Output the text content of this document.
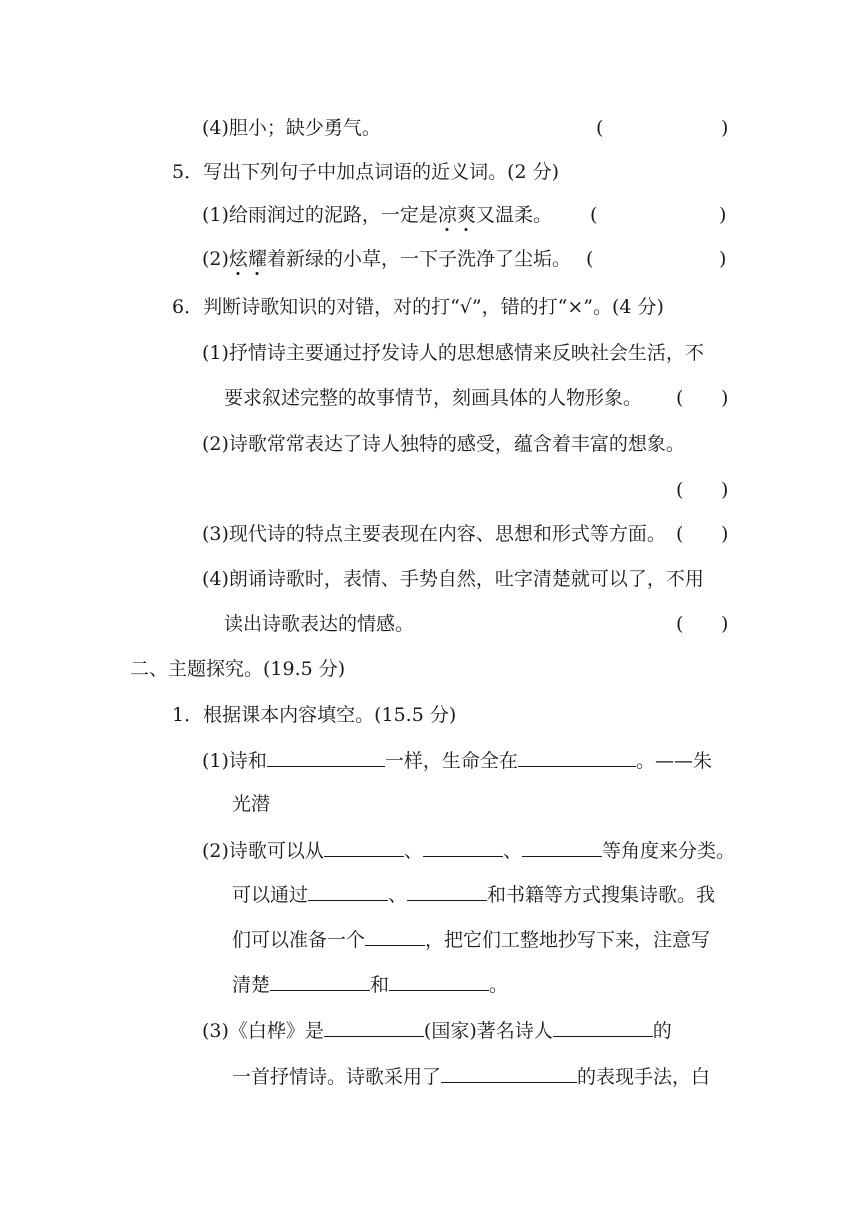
(4)胆小；缺少勇气。	(	)
5．写出下列句子中加点词语的近义词。(2 分)
(1)给雨润过的泥路，一定是凉爽又温柔。 (	)
(2)炫耀着新绿的小草，一下子洗净了尘垢。 (	)
6．判断诗歌知识的对错，对的打“√”，错的打“×”。(4 分)
(1)抒情诗主要通过抒发诗人的思想感情来反映社会生活，不
要求叙述完整的故事情节，刻画具体的人物形象。 ( )
(2)诗歌常常表达了诗人独特的感受，蕴含着丰富的想象。
( )
(3)现代诗的特点主要表现在内容、思想和形式等方面。 ( )
(4)朗诵诗歌时，表情、手势自然，吐字清楚就可以了，不用
读出诗歌表达的情感。	( )
二、主题探究。(19.5 分)
1．根据课本内容填空。(15.5 分)
(1)诗和	一样，生命全在	。——朱
光潜
(2)诗歌可以从	、	、	等角度来分类。
可以通过	、	和书籍等方式搜集诗歌。我
们可以准备一个	，把它们工整地抄写下来，注意写
清楚	和	。
(3)《白桦》是	(国家)著名诗人	的
一首抒情诗。诗歌采用了	的表现手法，白
